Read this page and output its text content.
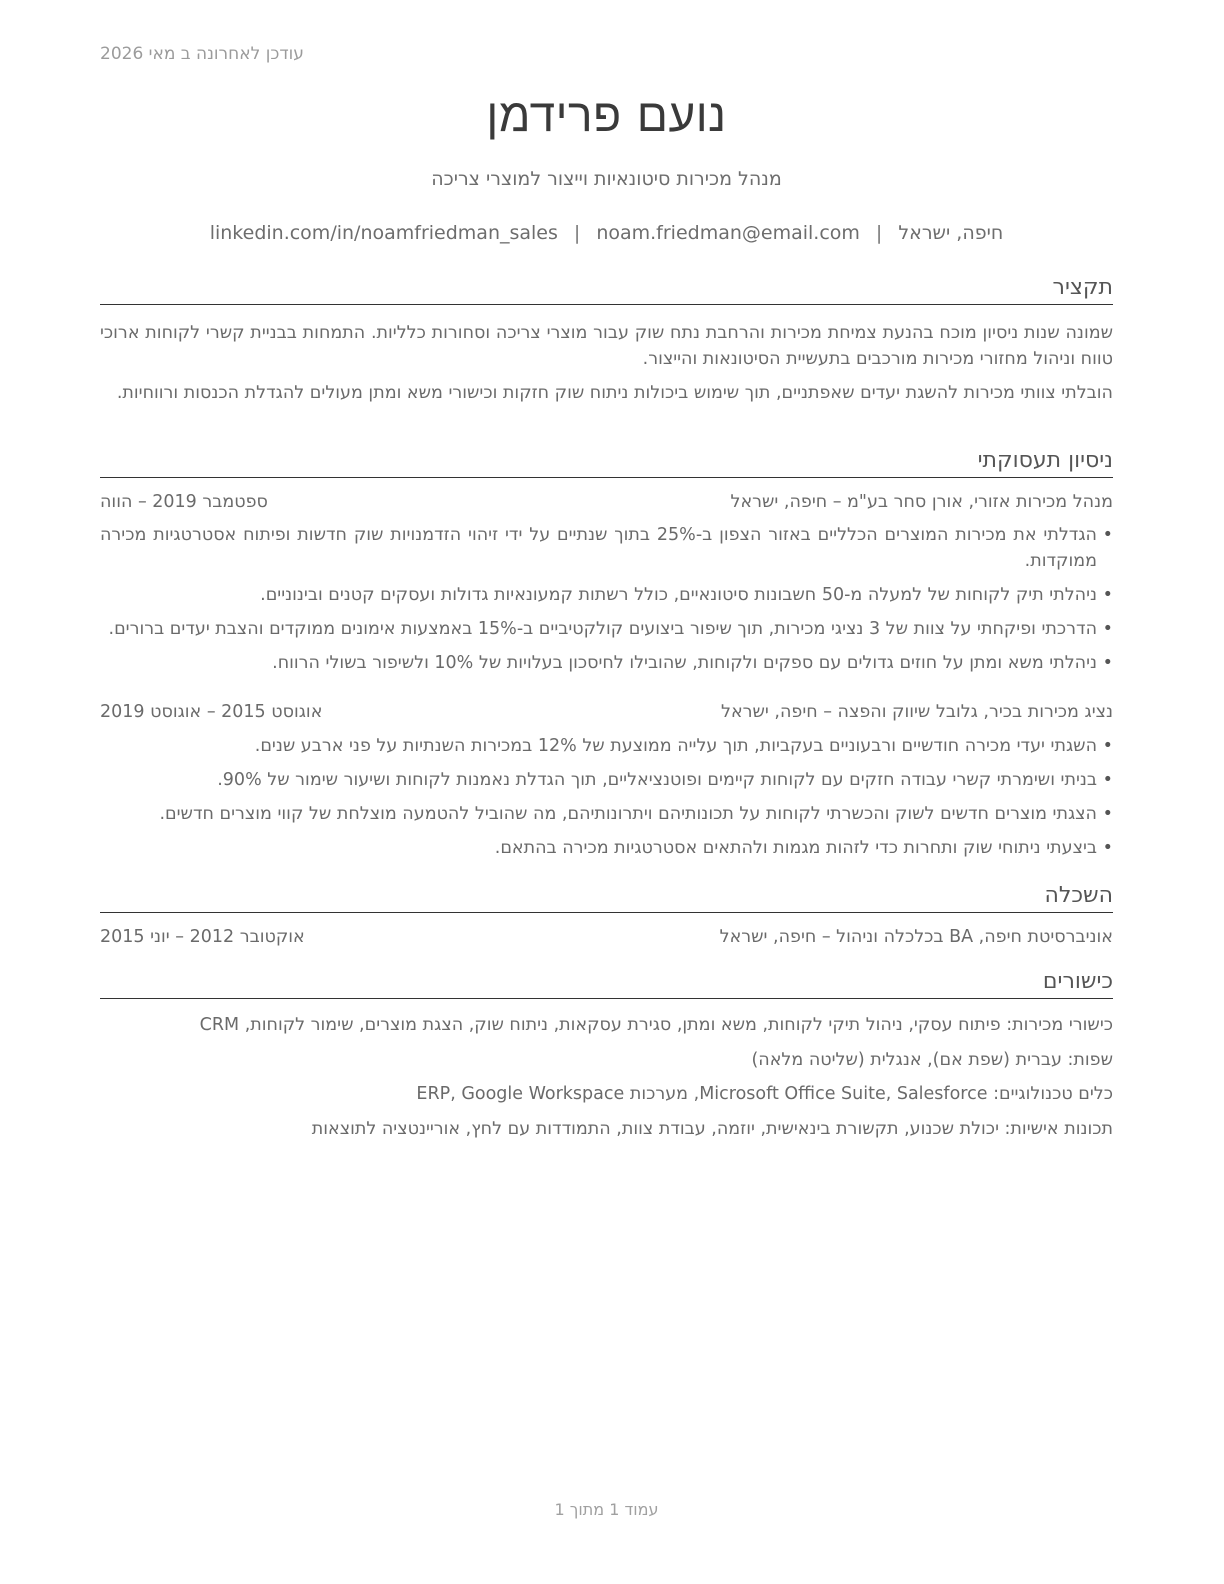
עודכן לאחרונה ב מאי 2026
נועם פרידמן
מנהל מכירות סיטונאיות וייצור למוצרי צריכה
חיפה, ישראל|noam.friedman@email.com|linkedin.com/in/noamfriedman_sales
תקציר
שמונה שנות ניסיון מוכח בהנעת צמיחת מכירות והרחבת נתח שוק עבור מוצרי צריכה וסחורות כלליות. התמחות בבניית קשרי לקוחות ארוכי טווח וניהול מחזורי מכירות מורכבים בתעשיית הסיטונאות והייצור.
הובלתי צוותי מכירות להשגת יעדים שאפתניים, תוך שימוש ביכולות ניתוח שוק חזקות וכישורי משא ומתן מעולים להגדלת הכנסות ורווחיות.
ניסיון תעסוקתי
מנהל מכירות אזורי, אורן סחר בע"מ – חיפה, ישראל
ספטמבר 2019 – הווה
• הגדלתי את מכירות המוצרים הכלליים באזור הצפון ב-25% בתוך שנתיים על ידי זיהוי הזדמנויות שוק חדשות ופיתוח אסטרטגיות מכירה ממוקדות.
• ניהלתי תיק לקוחות של למעלה מ-50 חשבונות סיטונאיים, כולל רשתות קמעונאיות גדולות ועסקים קטנים ובינוניים.
• הדרכתי ופיקחתי על צוות של 3 נציגי מכירות, תוך שיפור ביצועים קולקטיביים ב-15% באמצעות אימונים ממוקדים והצבת יעדים ברורים.
• ניהלתי משא ומתן על חוזים גדולים עם ספקים ולקוחות, שהובילו לחיסכון בעלויות של 10% ולשיפור בשולי הרווח.
נציג מכירות בכיר, גלובל שיווק והפצה – חיפה, ישראל
אוגוסט 2015 – אוגוסט 2019
• השגתי יעדי מכירה חודשיים ורבעוניים בעקביות, תוך עלייה ממוצעת של 12% במכירות השנתיות על פני ארבע שנים.
• בניתי ושימרתי קשרי עבודה חזקים עם לקוחות קיימים ופוטנציאליים, תוך הגדלת נאמנות לקוחות ושיעור שימור של 90%.
• הצגתי מוצרים חדשים לשוק והכשרתי לקוחות על תכונותיהם ויתרונותיהם, מה שהוביל להטמעה מוצלחת של קווי מוצרים חדשים.
• ביצעתי ניתוחי שוק ותחרות כדי לזהות מגמות ולהתאים אסטרטגיות מכירה בהתאם.
השכלה
אוניברסיטת חיפה, BA בכלכלה וניהול – חיפה, ישראל
אוקטובר 2012 – יוני 2015
כישורים
כישורי מכירות: פיתוח עסקי, ניהול תיקי לקוחות, משא ומתן, סגירת עסקאות, ניתוח שוק, הצגת מוצרים, שימור לקוחות, CRM
שפות: עברית (שפת אם), אנגלית (שליטה מלאה)
כלים טכנולוגיים: Microsoft Office Suite, Salesforce, מערכות ERP, Google Workspace
תכונות אישיות: יכולת שכנוע, תקשורת בינאישית, יוזמה, עבודת צוות, התמודדות עם לחץ, אוריינטציה לתוצאות
עמוד 1 מתוך 1
